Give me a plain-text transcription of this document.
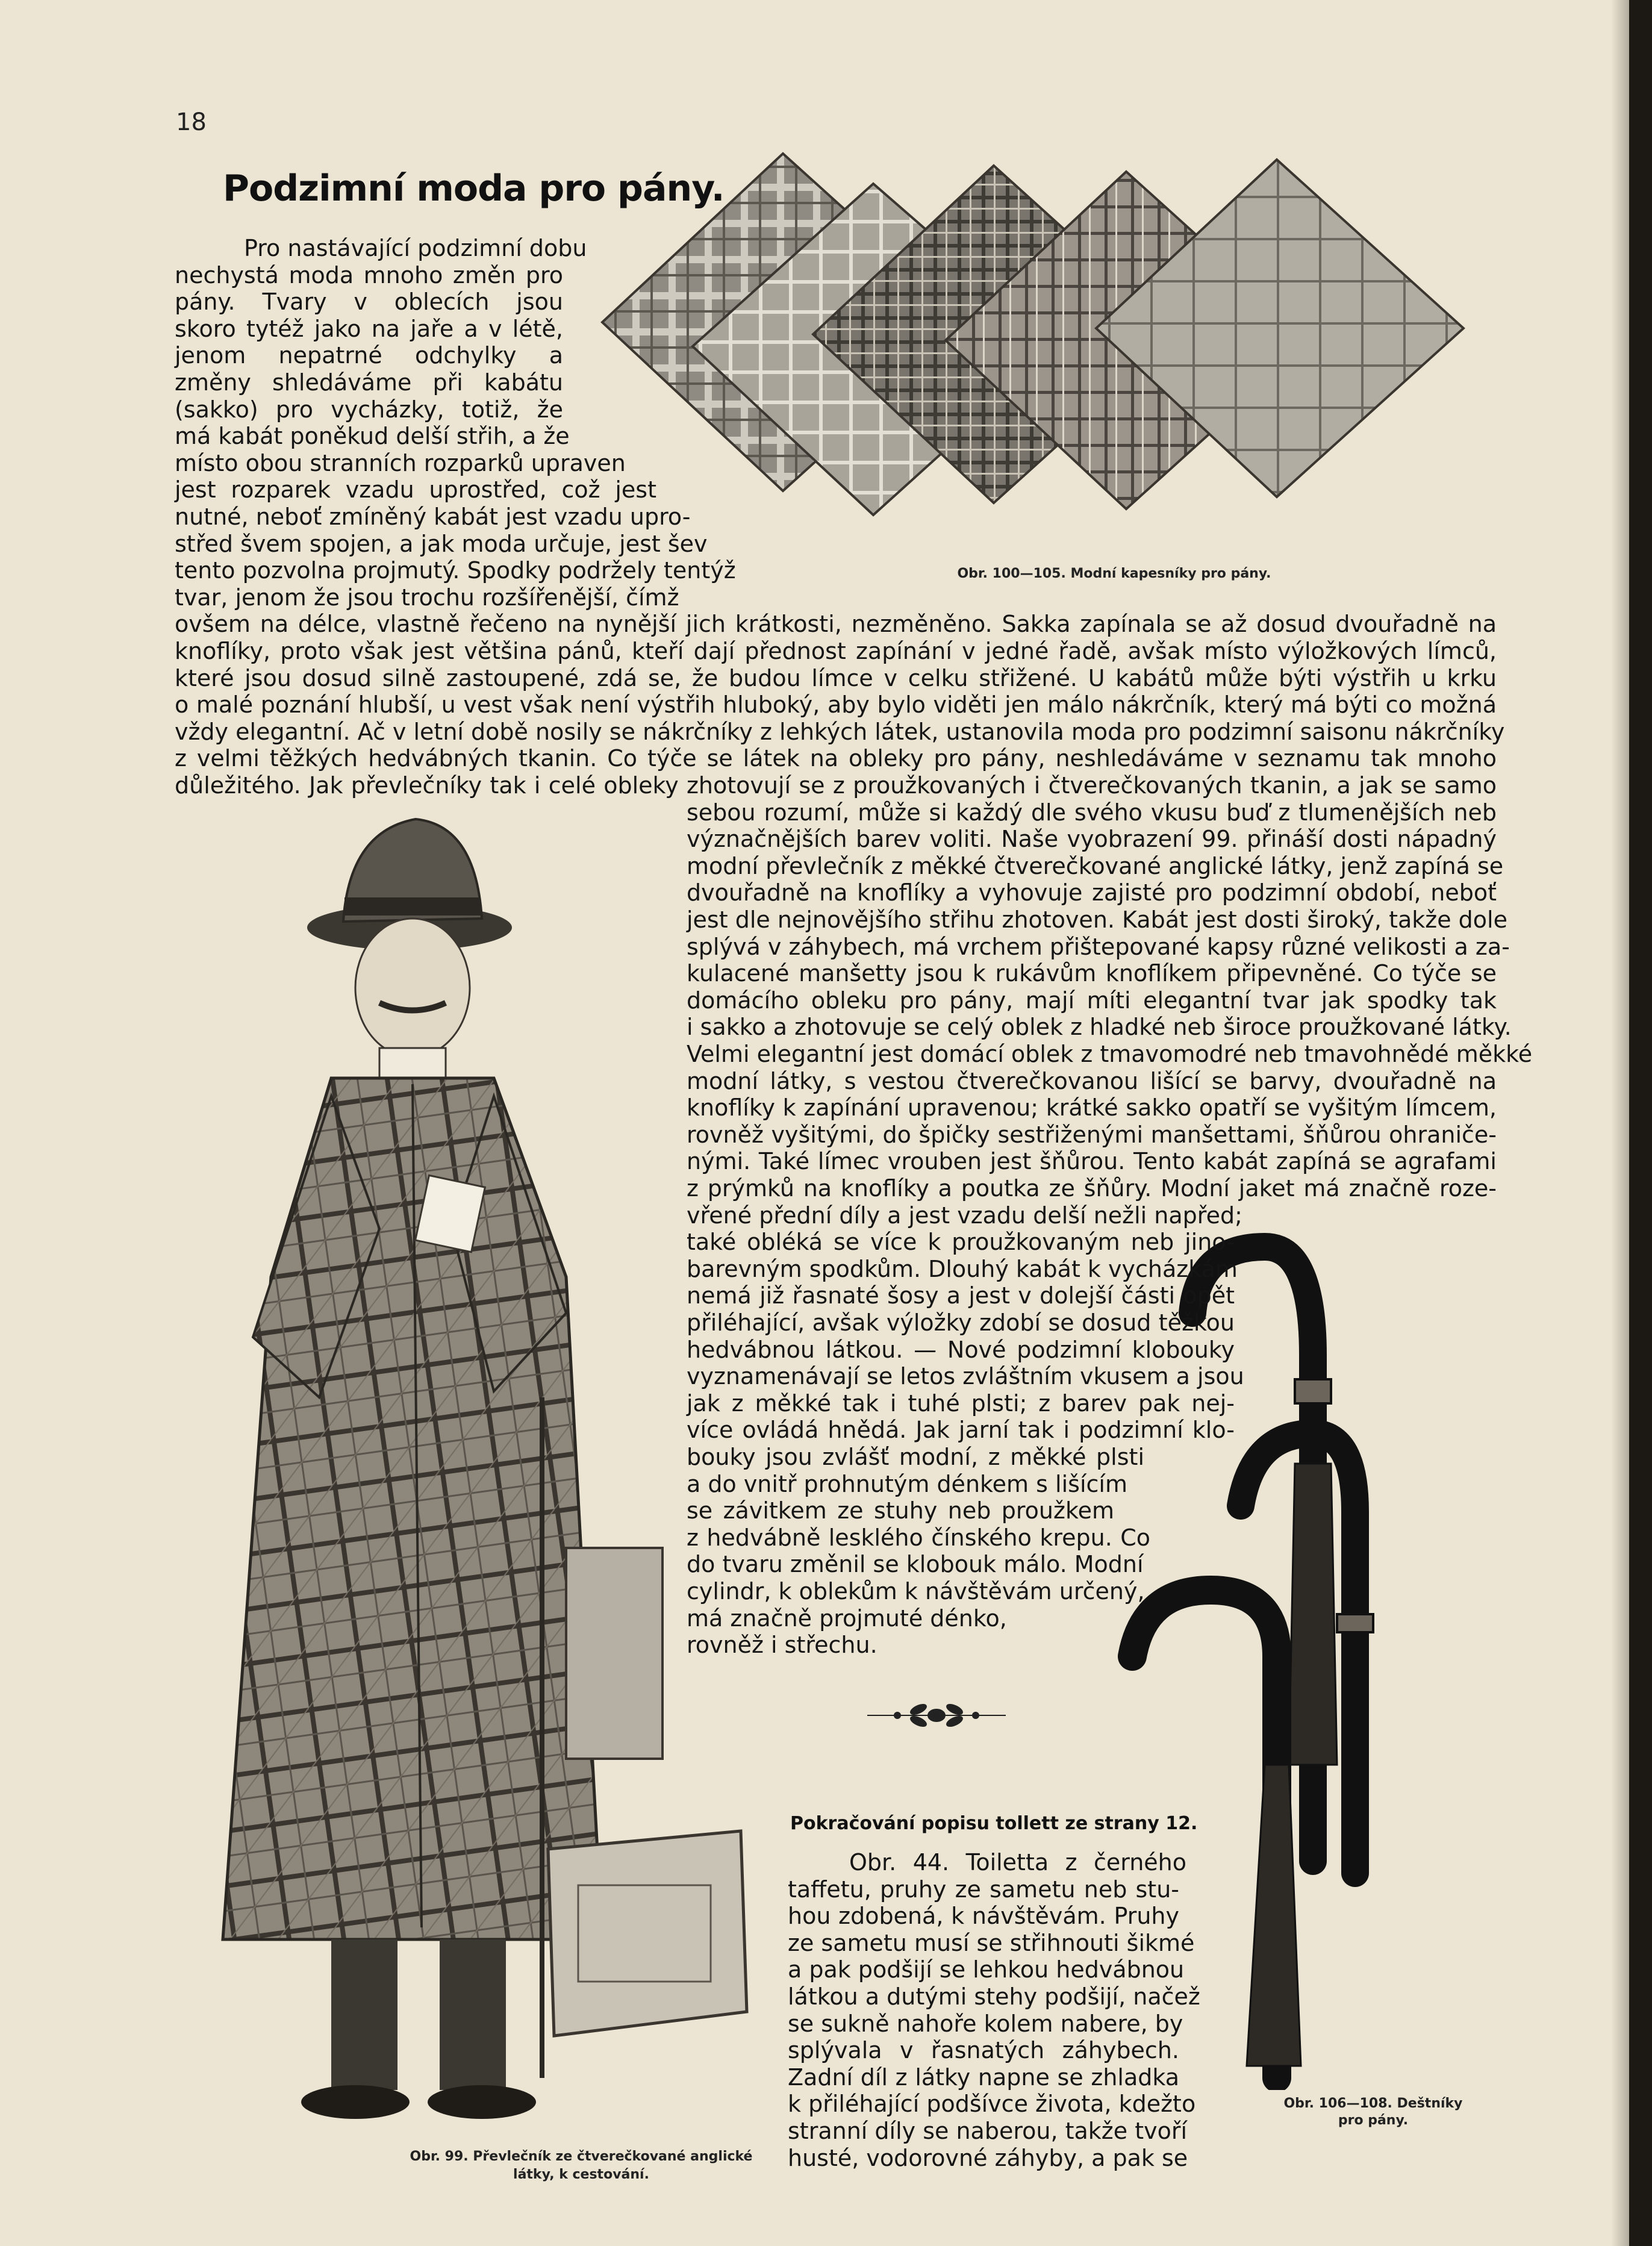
18
Podzimní moda pro pány.
Obr. 100—105. Modní kapesníky pro pány.
Obr. 99. Převlečník ze čtverečkované anglické
látky, k cestování.
Obr. 106—108. Deštníky
pro pány.
Pokračování popisu tollett ze strany 12.
Pro nastávající podzimní dobu
nechystá moda mnoho změn pro
pány. Tvary v oblecích jsou
skoro tytéž jako na jaře a v létě,
jenom nepatrné odchylky a
změny shledáváme při kabátu
(sakko) pro vycházky, totiž, že
má kabát poněkud delší střih, a že
místo obou stranních rozparků upraven
jest rozparek vzadu uprostřed, což jest
nutné, neboť zmíněný kabát jest vzadu upro-
střed švem spojen, a jak moda určuje, jest šev
tento pozvolna projmutý. Spodky podržely tentýž
tvar, jenom že jsou trochu rozšířenější, čímž
ovšem na délce, vlastně řečeno na nynější jich krátkosti, nezměněno. Sakka zapínala se až dosud dvouřadně na
knoflíky, proto však jest většina pánů, kteří dají přednost zapínání v jedné řadě, avšak místo výložkových límců,
které jsou dosud silně zastoupené, zdá se, že budou límce v celku střižené. U kabátů může býti výstřih u krku
o malé poznání hlubší, u vest však není výstřih hluboký, aby bylo viděti jen málo nákrčník, který má býti co možná
vždy elegantní. Ač v letní době nosily se nákrčníky z lehkých látek, ustanovila moda pro podzimní saisonu nákrčníky
z velmi těžkých hedvábných tkanin. Co týče se látek na obleky pro pány, neshledáváme v seznamu tak mnoho
důležitého. Jak převlečníky tak i celé obleky zhotovují se z proužkovaných i čtverečkovaných tkanin, a jak se samo
sebou rozumí, může si každý dle svého vkusu buď z tlumenějších neb
význačnějších barev voliti. Naše vyobrazení 99. přináší dosti nápadný
modní převlečník z měkké čtverečkované anglické látky, jenž zapíná se
dvouřadně na knoflíky a vyhovuje zajisté pro podzimní období, neboť
jest dle nejnovějšího střihu zhotoven. Kabát jest dosti široký, takže dole
splývá v záhybech, má vrchem přištepované kapsy různé velikosti a za-
kulacené manšetty jsou k rukávům knoflíkem připevněné. Co týče se
domácího obleku pro pány, mají míti elegantní tvar jak spodky tak
i sakko a zhotovuje se celý oblek z hladké neb široce proužkované látky.
Velmi elegantní jest domácí oblek z tmavomodré neb tmavohnědé měkké
modní látky, s vestou čtverečkovanou lišící se barvy, dvouřadně na
knoflíky k zapínání upravenou; krátké sakko opatří se vyšitým límcem,
rovněž vyšitými, do špičky sestřiženými manšettami, šňůrou ohraniče-
nými. Také límec vrouben jest šňůrou. Tento kabát zapíná se agrafami
z prýmků na knoflíky a poutka ze šňůry. Modní jaket má značně roze-
vřené přední díly a jest vzadu delší nežli napřed;
také obléká se více k proužkovaným neb jino-
barevným spodkům. Dlouhý kabát k vycházkám
nemá již řasnaté šosy a jest v dolejší části opět
přiléhající, avšak výložky zdobí se dosud těžkou
hedvábnou látkou. — Nové podzimní klobouky
vyznamenávají se letos zvláštním vkusem a jsou
jak z měkké tak i tuhé plsti; z barev pak nej-
více ovládá hnědá. Jak jarní tak i podzimní klo-
bouky jsou zvlášť modní, z měkké plsti
a do vnitř prohnutým dénkem s lišícím
se závitkem ze stuhy neb proužkem
z hedvábně lesklého čínského krepu. Co
do tvaru změnil se klobouk málo. Modní
cylindr, k oblekům k návštěvám určený,
má značně projmuté dénko,
rovněž i střechu.
Obr. 44. Toiletta z černého
taffetu, pruhy ze sametu neb stu-
hou zdobená, k návštěvám. Pruhy
ze sametu musí se střihnouti šikmé
a pak podšijí se lehkou hedvábnou
látkou a dutými stehy podšijí, načež
se sukně nahoře kolem nabere, by
splývala v řasnatých záhybech.
Zadní díl z látky napne se zhladka
k přiléhající podšívce života, kdežto
stranní díly se naberou, takže tvoří
husté, vodorovné záhyby, a pak se
